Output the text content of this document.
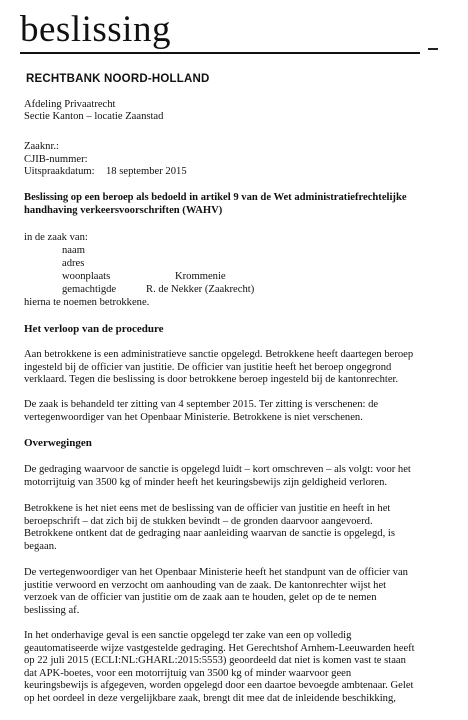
beslissing
RECHTBANK NOORD-HOLLAND
Afdeling Privaatrecht
Sectie Kanton – locatie Zaanstad
Zaaknr.:
CJIB-nummer:
Uitspraakdatum: 18 september 2015
Beslissing op een beroep als bedoeld in artikel 9 van de Wet administratiefrechtelijke
handhaving verkeersvoorschriften (WAHV)
in de zaak van:
naam
adres
woonplaats	Krommenie
gemachtigde	R. de Nekker (Zaakrecht)
hierna te noemen betrokkene.
Het verloop van de procedure
Aan betrokkene is een administratieve sanctie opgelegd. Betrokkene heeft daartegen beroep
ingesteld bij de officier van justitie. De officier van justitie heeft het beroep ongegrond
verklaard. Tegen die beslissing is door betrokkene beroep ingesteld bij de kantonrechter.
De zaak is behandeld ter zitting van 4 september 2015. Ter zitting is verschenen: de
vertegenwoordiger van het Openbaar Ministerie. Betrokkene is niet verschenen.
Overwegingen
De gedraging waarvoor de sanctie is opgelegd luidt – kort omschreven – als volgt: voor het
motorrijtuig van 3500 kg of minder heeft het keuringsbewijs zijn geldigheid verloren.
Betrokkene is het niet eens met de beslissing van de officier van justitie en heeft in het
beroepschrift – dat zich bij de stukken bevindt – de gronden daarvoor aangevoerd.
Betrokkene ontkent dat de gedraging naar aanleiding waarvan de sanctie is opgelegd, is
begaan.
De vertegenwoordiger van het Openbaar Ministerie heeft het standpunt van de officier van
justitie verwoord en verzocht om aanhouding van de zaak. De kantonrechter wijst het
verzoek van de officier van justitie om de zaak aan te houden, gelet op de te nemen
beslissing af.
In het onderhavige geval is een sanctie opgelegd ter zake van een op volledig
geautomatiseerde wijze vastgestelde gedraging. Het Gerechtshof Arnhem-Leeuwarden heeft
op 22 juli 2015 (ECLI:NL:GHARL:2015:5553) geoordeeld dat niet is komen vast te staan
dat APK-boetes, voor een motorrijtuig van 3500 kg of minder waarvoor geen
keuringsbewijs is afgegeven, worden opgelegd door een daartoe bevoegde ambtenaar. Gelet
op het oordeel in deze vergelijkbare zaak, brengt dit mee dat de inleidende beschikking,
